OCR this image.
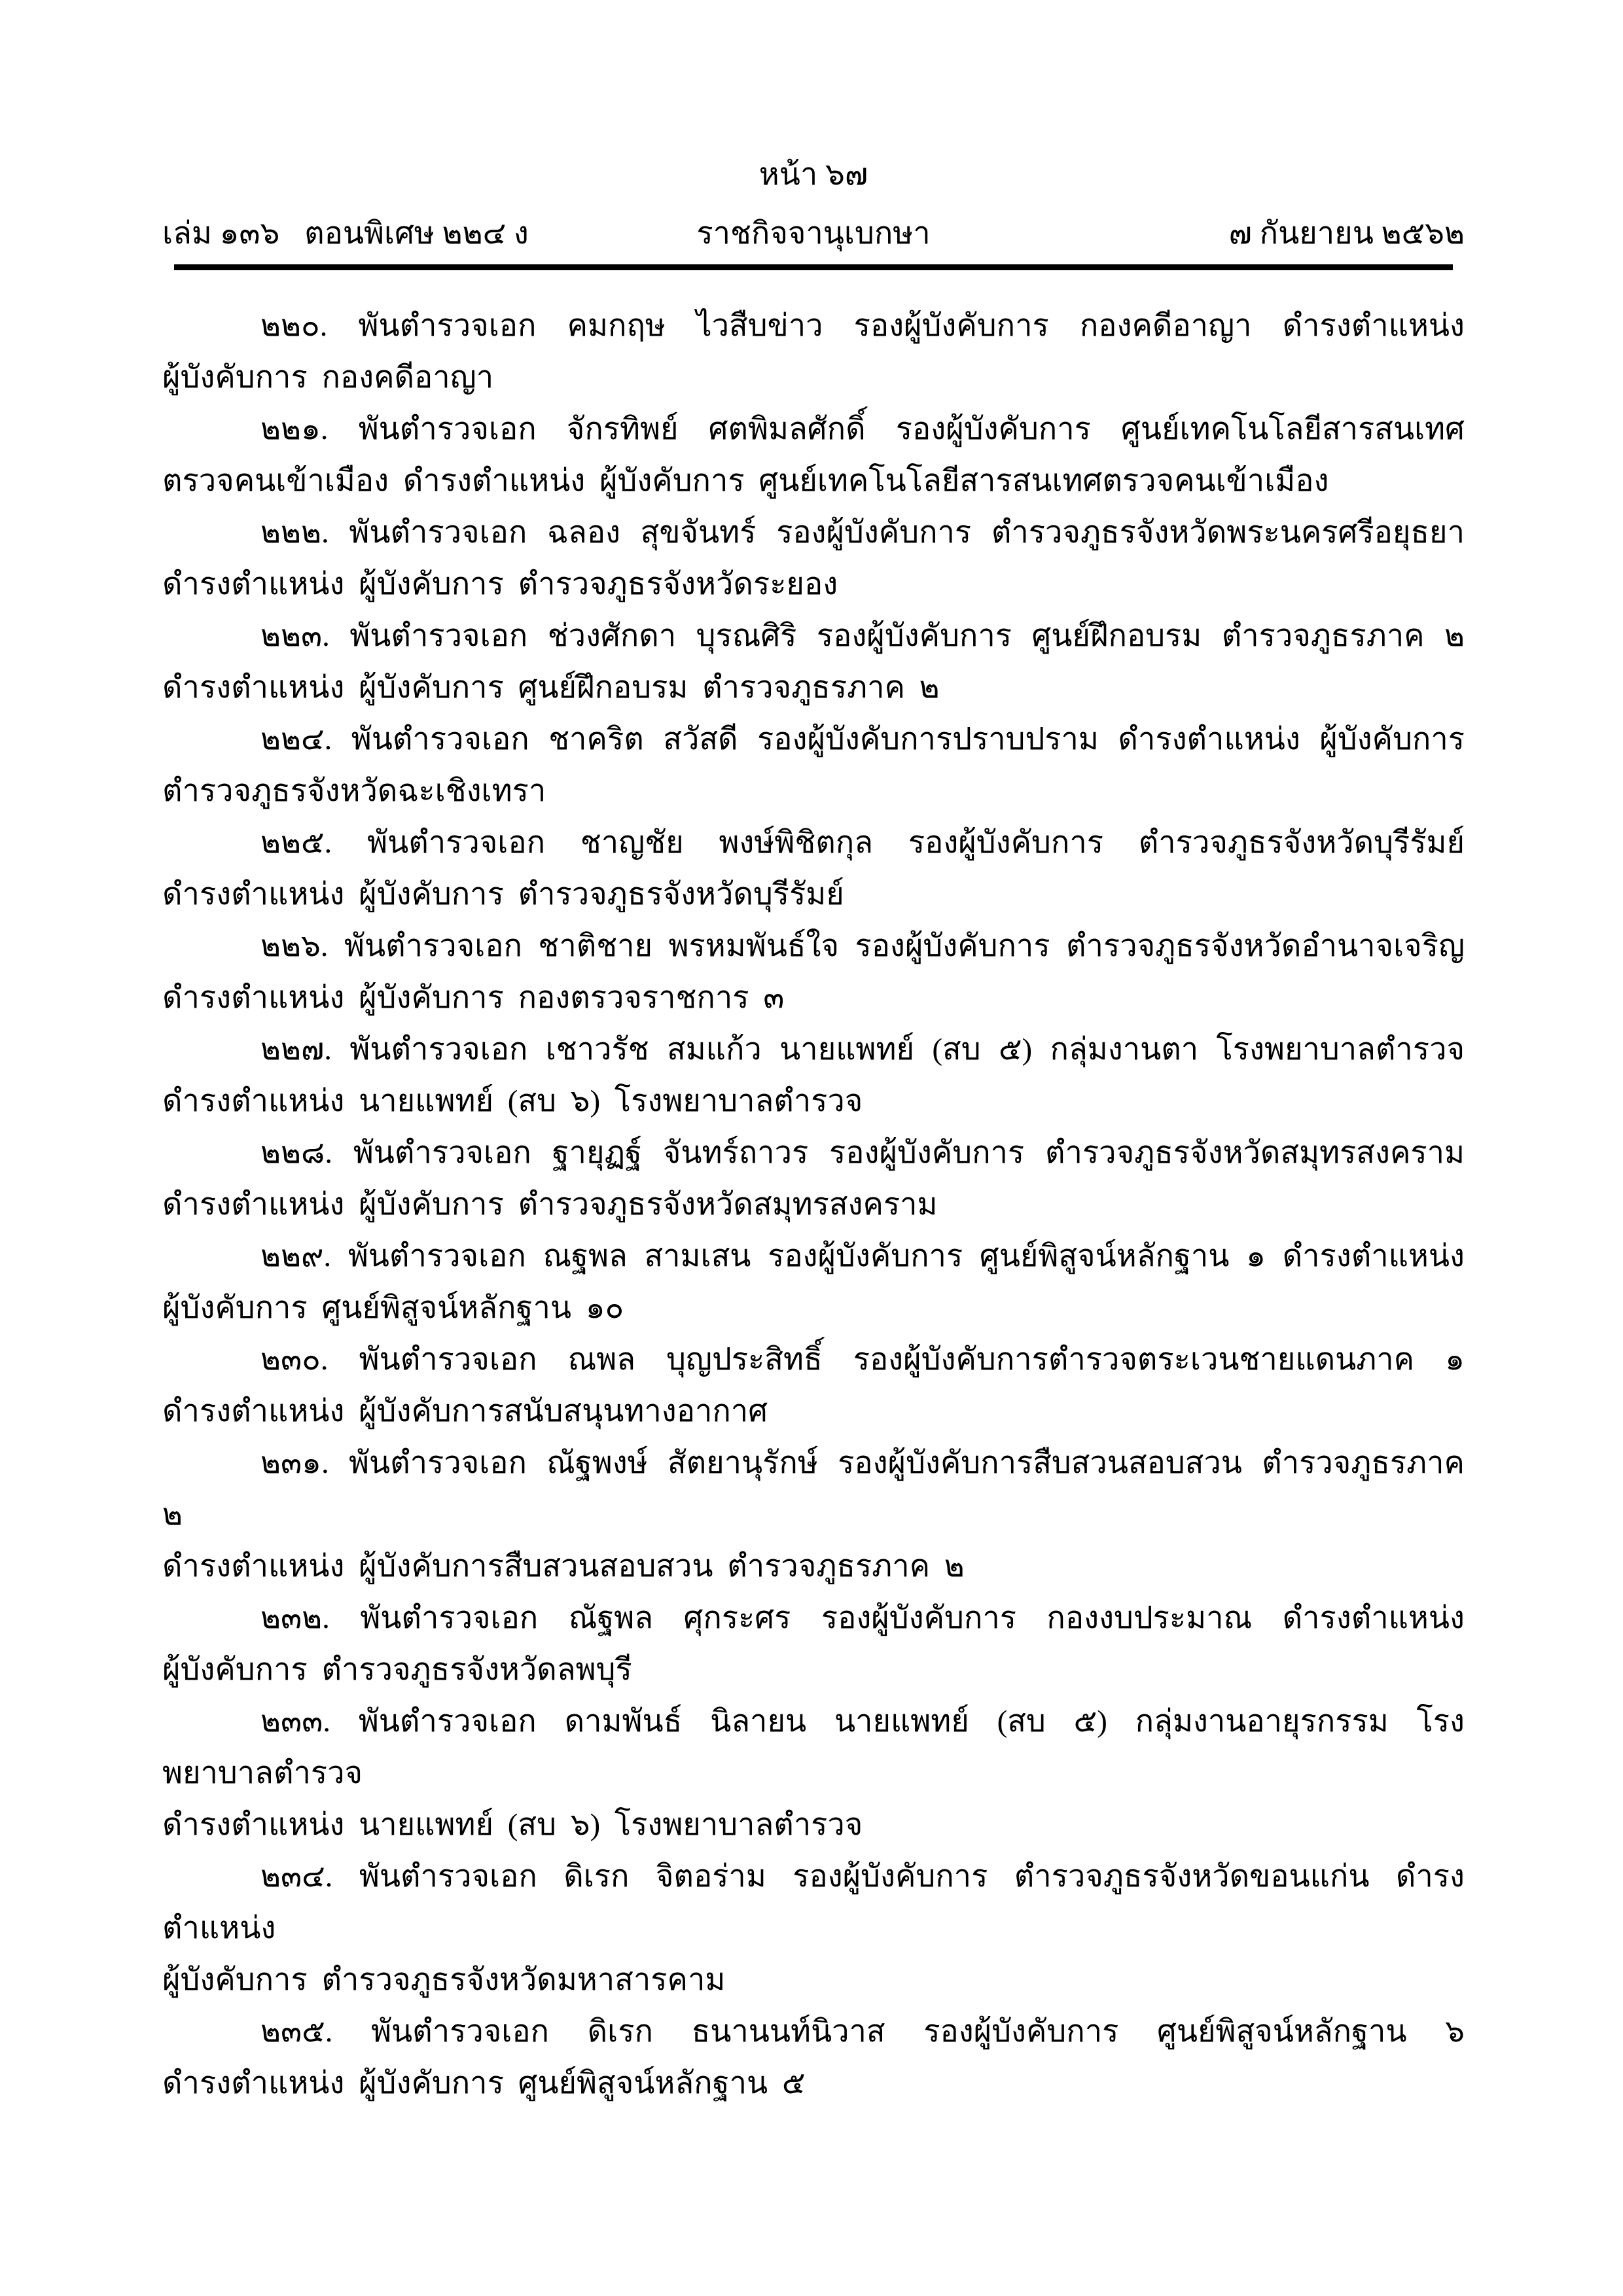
หน้า ๖๗
เล่ม ๑๓๖ ตอนพิเศษ ๒๒๔ ง	ราชกิจจานุเบกษา	๗ กันยายน ๒๕๖๒
๒๒๐. พันตำรวจเอก คมกฤษ ไวสืบข่าว รองผู้บังคับการ กองคดีอาญา ดำรงตำแหน่ง
ผู้บังคับการ กองคดีอาญา
๒๒๑. พันตำรวจเอก จักรทิพย์ ศตพิมลศักดิ์ รองผู้บังคับการ ศูนย์เทคโนโลยีสารสนเทศ
ตรวจคนเข้าเมือง ดำรงตำแหน่ง ผู้บังคับการ ศูนย์เทคโนโลยีสารสนเทศตรวจคนเข้าเมือง
๒๒๒. พันตำรวจเอก ฉลอง สุขจันทร์ รองผู้บังคับการ ตำรวจภูธรจังหวัดพระนครศรีอยุธยา
ดำรงตำแหน่ง ผู้บังคับการ ตำรวจภูธรจังหวัดระยอง
๒๒๓. พันตำรวจเอก ช่วงศักดา บุรณศิริ รองผู้บังคับการ ศูนย์ฝึกอบรม ตำรวจภูธรภาค ๒
ดำรงตำแหน่ง ผู้บังคับการ ศูนย์ฝึกอบรม ตำรวจภูธรภาค ๒
๒๒๔. พันตำรวจเอก ชาคริต สวัสดี รองผู้บังคับการปราบปราม ดำรงตำแหน่ง ผู้บังคับการ
ตำรวจภูธรจังหวัดฉะเชิงเทรา
๒๒๕. พันตำรวจเอก ชาญชัย พงษ์พิชิตกุล รองผู้บังคับการ ตำรวจภูธรจังหวัดบุรีรัมย์
ดำรงตำแหน่ง ผู้บังคับการ ตำรวจภูธรจังหวัดบุรีรัมย์
๒๒๖. พันตำรวจเอก ชาติชาย พรหมพันธ์ใจ รองผู้บังคับการ ตำรวจภูธรจังหวัดอำนาจเจริญ
ดำรงตำแหน่ง ผู้บังคับการ กองตรวจราชการ ๓
๒๒๗. พันตำรวจเอก เชาวรัช สมแก้ว นายแพทย์ (สบ ๕) กลุ่มงานตา โรงพยาบาลตำรวจ
ดำรงตำแหน่ง นายแพทย์ (สบ ๖) โรงพยาบาลตำรวจ
๒๒๘. พันตำรวจเอก ฐายุฏฐ์ จันทร์ถาวร รองผู้บังคับการ ตำรวจภูธรจังหวัดสมุทรสงคราม
ดำรงตำแหน่ง ผู้บังคับการ ตำรวจภูธรจังหวัดสมุทรสงคราม
๒๒๙. พันตำรวจเอก ณฐพล สามเสน รองผู้บังคับการ ศูนย์พิสูจน์หลักฐาน ๑ ดำรงตำแหน่ง
ผู้บังคับการ ศูนย์พิสูจน์หลักฐาน ๑๐
๒๓๐. พันตำรวจเอก ณพล บุญประสิทธิ์ รองผู้บังคับการตำรวจตระเวนชายแดนภาค ๑
ดำรงตำแหน่ง ผู้บังคับการสนับสนุนทางอากาศ
๒๓๑. พันตำรวจเอก ณัฐพงษ์ สัตยานุรักษ์ รองผู้บังคับการสืบสวนสอบสวน ตำรวจภูธรภาค ๒
ดำรงตำแหน่ง ผู้บังคับการสืบสวนสอบสวน ตำรวจภูธรภาค ๒
๒๓๒. พันตำรวจเอก ณัฐพล ศุกระศร รองผู้บังคับการ กองงบประมาณ ดำรงตำแหน่ง
ผู้บังคับการ ตำรวจภูธรจังหวัดลพบุรี
๒๓๓. พันตำรวจเอก ดามพันธ์ นิลายน นายแพทย์ (สบ ๕) กลุ่มงานอายุรกรรม โรงพยาบาลตำรวจ
ดำรงตำแหน่ง นายแพทย์ (สบ ๖) โรงพยาบาลตำรวจ
๒๓๔. พันตำรวจเอก ดิเรก จิตอร่าม รองผู้บังคับการ ตำรวจภูธรจังหวัดขอนแก่น ดำรงตำแหน่ง
ผู้บังคับการ ตำรวจภูธรจังหวัดมหาสารคาม
๒๓๕. พันตำรวจเอก ดิเรก ธนานนท์นิวาส รองผู้บังคับการ ศูนย์พิสูจน์หลักฐาน ๖
ดำรงตำแหน่ง ผู้บังคับการ ศูนย์พิสูจน์หลักฐาน ๕
